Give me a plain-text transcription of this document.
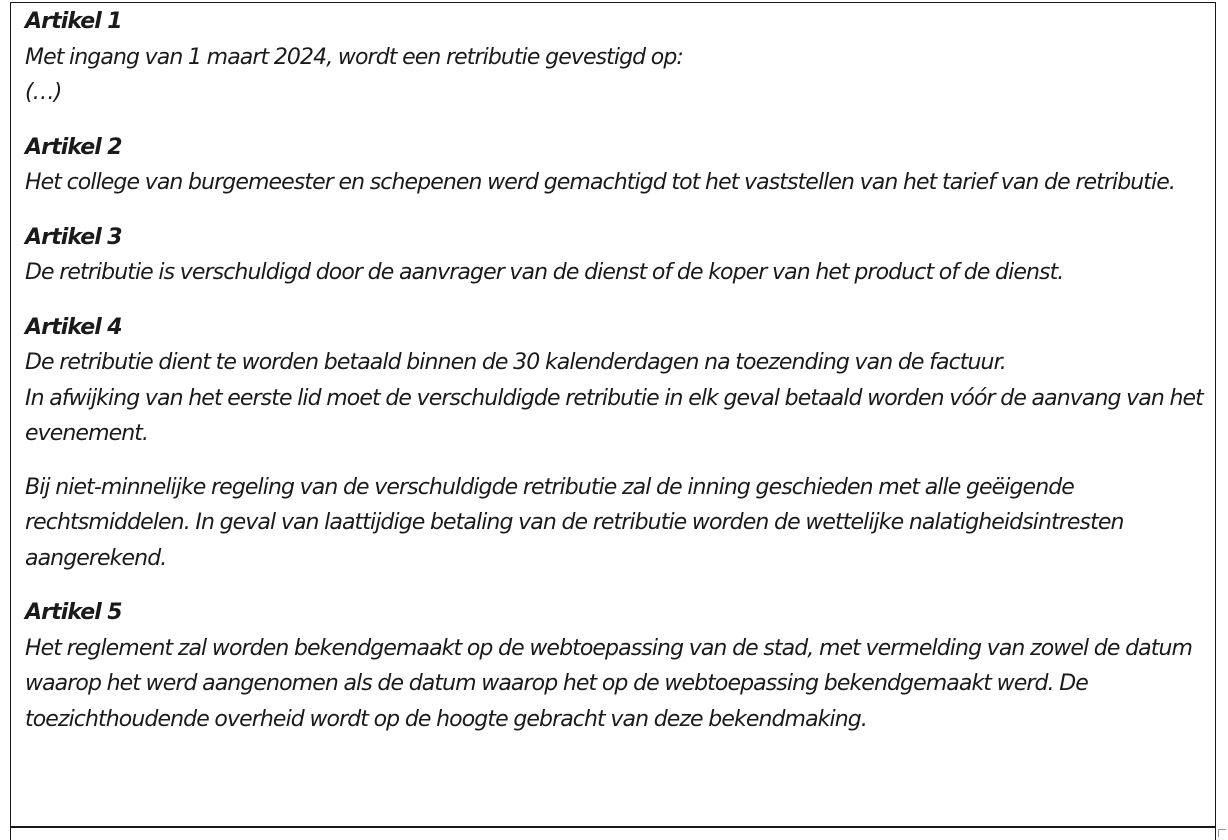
Artikel 1
Met ingang van 1 maart 2024, wordt een retributie gevestigd op:
(…)
Artikel 2
Het college van burgemeester en schepenen werd gemachtigd tot het vaststellen van het tarief van de retributie.
Artikel 3
De retributie is verschuldigd door de aanvrager van de dienst of de koper van het product of de dienst.
Artikel 4
De retributie dient te worden betaald binnen de 30 kalenderdagen na toezending van de factuur.
In afwijking van het eerste lid moet de verschuldigde retributie in elk geval betaald worden vóór de aanvang van het evenement.
Bij niet-minnelijke regeling van de verschuldigde retributie zal de inning geschieden met alle geëigende rechtsmiddelen. In geval van laattijdige betaling van de retributie worden de wettelijke nalatigheidsintresten aangerekend.
Artikel 5
Het reglement zal worden bekendgemaakt op de webtoepassing van de stad, met vermelding van zowel de datum waarop het werd aangenomen als de datum waarop het op de webtoepassing bekendgemaakt werd. De toezichthoudende overheid wordt op de hoogte gebracht van deze bekendmaking.
